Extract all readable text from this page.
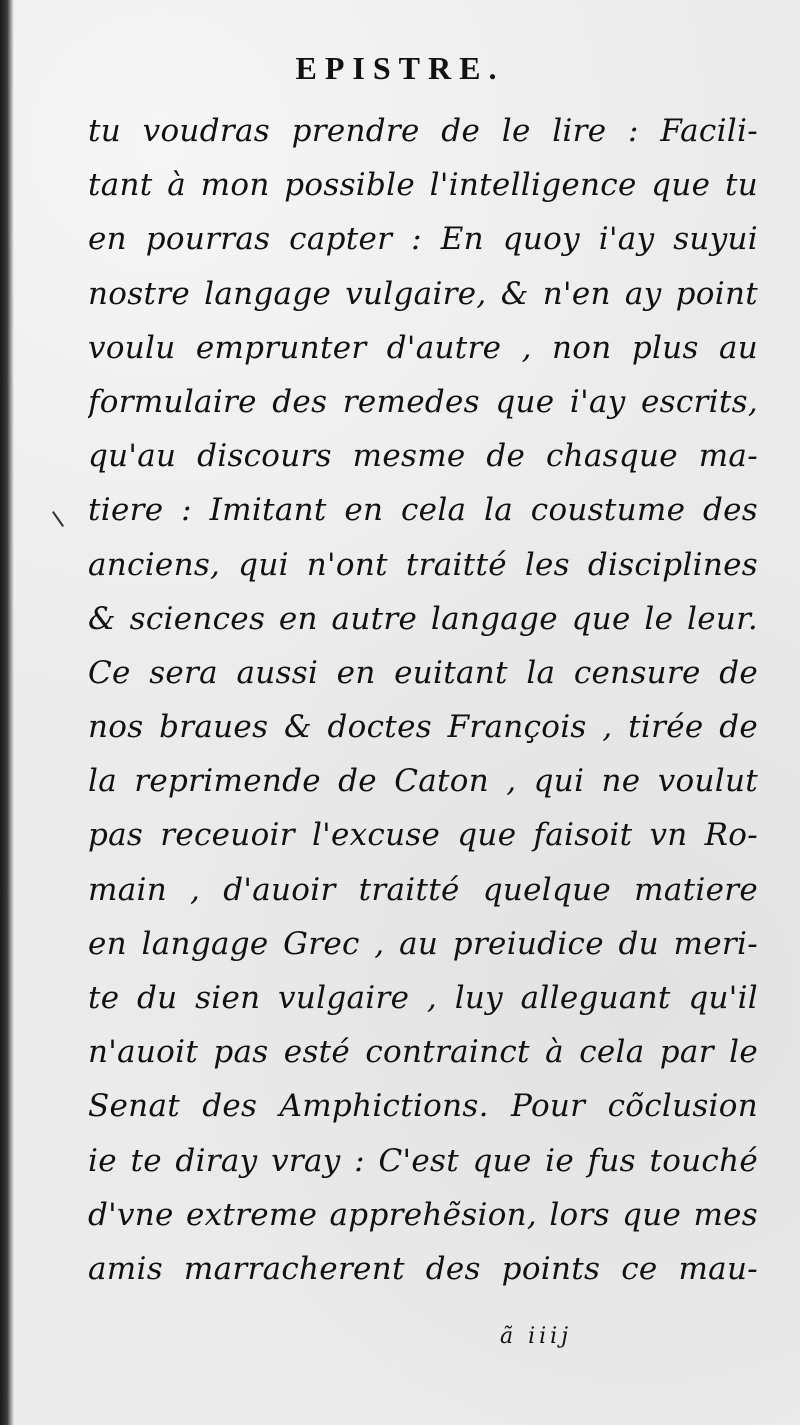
EPISTRE.
tu voudras prendre de le lire : Facili-
tant à mon possible l'intelligence que tu
en pourras capter : En quoy i'ay suyui
nostre langage vulgaire, & n'en ay point
voulu emprunter d'autre , non plus au
formulaire des remedes que i'ay escrits,
qu'au discours mesme de chasque ma-
tiere : Imitant en cela la coustume des
anciens, qui n'ont traitté les disciplines
& sciences en autre langage que le leur.
Ce sera aussi en euitant la censure de
nos braues & doctes François , tirée de
la reprimende de Caton , qui ne voulut
pas receuoir l'excuse que faisoit vn Ro-
main , d'auoir traitté quelque matiere
en langage Grec , au preiudice du meri-
te du sien vulgaire , luy alleguant qu'il
n'auoit pas esté contrainct à cela par le
Senat des Amphictions. Pour cõclusion
ie te diray vray : C'est que ie fus touché
d'vne extreme apprehẽsion, lors que mes
amis marracherent des points ce mau-
ã iiij
